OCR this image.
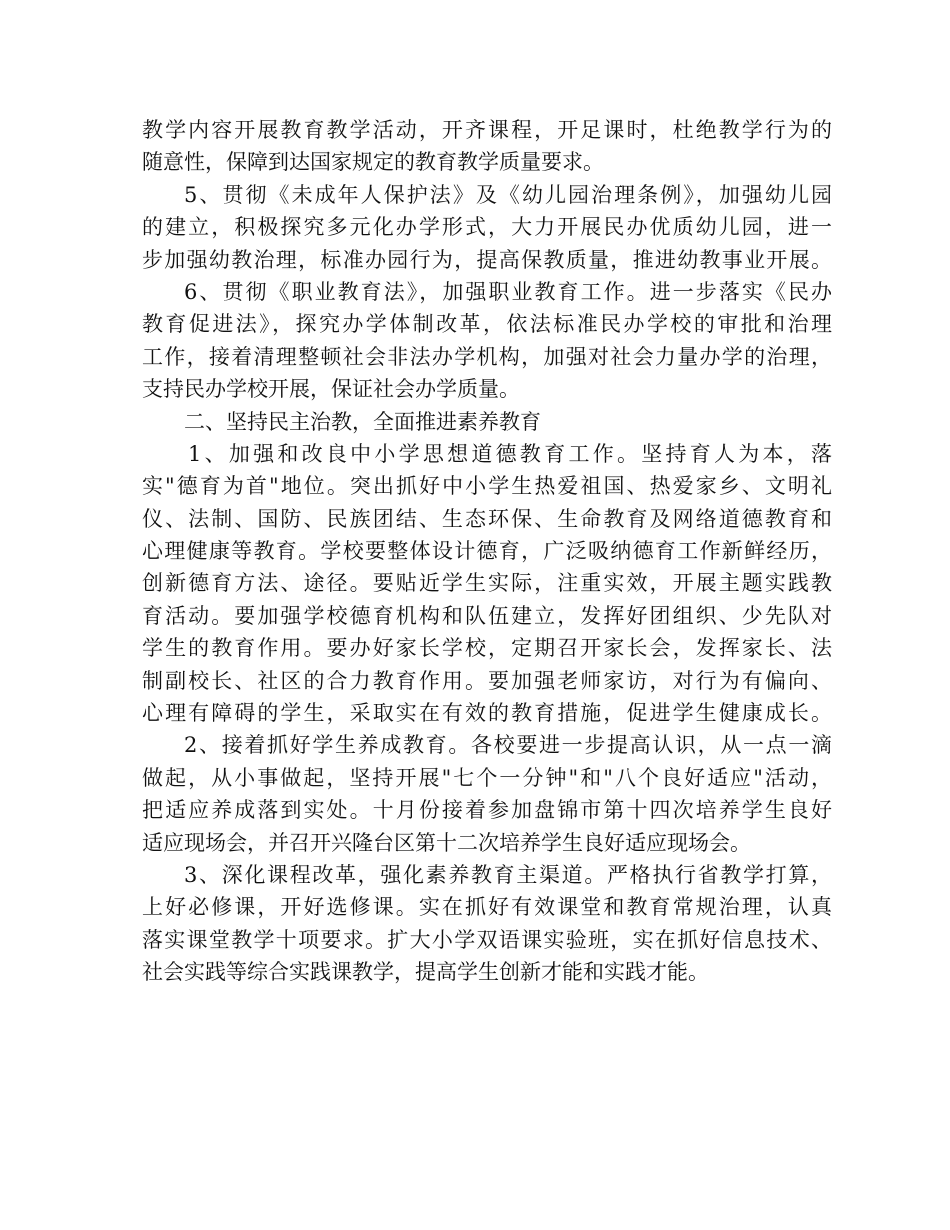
教学内容开展教育教学活动，开齐课程，开足课时，杜绝教学行为的
随意性，保障到达国家规定的教育教学质量要求。
5、贯彻《未成年人保护法》及《幼儿园治理条例》，加强幼儿园
的建立，积极探究多元化办学形式，大力开展民办优质幼儿园，进一
步加强幼教治理，标准办园行为，提高保教质量，推进幼教事业开展。
6、贯彻《职业教育法》，加强职业教育工作。进一步落实《民办
教育促进法》，探究办学体制改革，依法标准民办学校的审批和治理
工作，接着清理整顿社会非法办学机构，加强对社会力量办学的治理，
支持民办学校开展，保证社会办学质量。
二、坚持民主治教，全面推进素养教育
1、加强和改良中小学思想道德教育工作。坚持育人为本，落
实"德育为首"地位。突出抓好中小学生热爱祖国、热爱家乡、文明礼
仪、法制、国防、民族团结、生态环保、生命教育及网络道德教育和
心理健康等教育。学校要整体设计德育，广泛吸纳德育工作新鲜经历，
创新德育方法、途径。要贴近学生实际，注重实效，开展主题实践教
育活动。要加强学校德育机构和队伍建立，发挥好团组织、少先队对
学生的教育作用。要办好家长学校，定期召开家长会，发挥家长、法
制副校长、社区的合力教育作用。要加强老师家访，对行为有偏向、
心理有障碍的学生，采取实在有效的教育措施，促进学生健康成长。
2、接着抓好学生养成教育。各校要进一步提高认识，从一点一滴
做起，从小事做起，坚持开展"七个一分钟"和"八个良好适应"活动，
把适应养成落到实处。十月份接着参加盘锦市第十四次培养学生良好
适应现场会，并召开兴隆台区第十二次培养学生良好适应现场会。
3、深化课程改革，强化素养教育主渠道。严格执行省教学打算，
上好必修课，开好选修课。实在抓好有效课堂和教育常规治理，认真
落实课堂教学十项要求。扩大小学双语课实验班，实在抓好信息技术、
社会实践等综合实践课教学，提高学生创新才能和实践才能。
